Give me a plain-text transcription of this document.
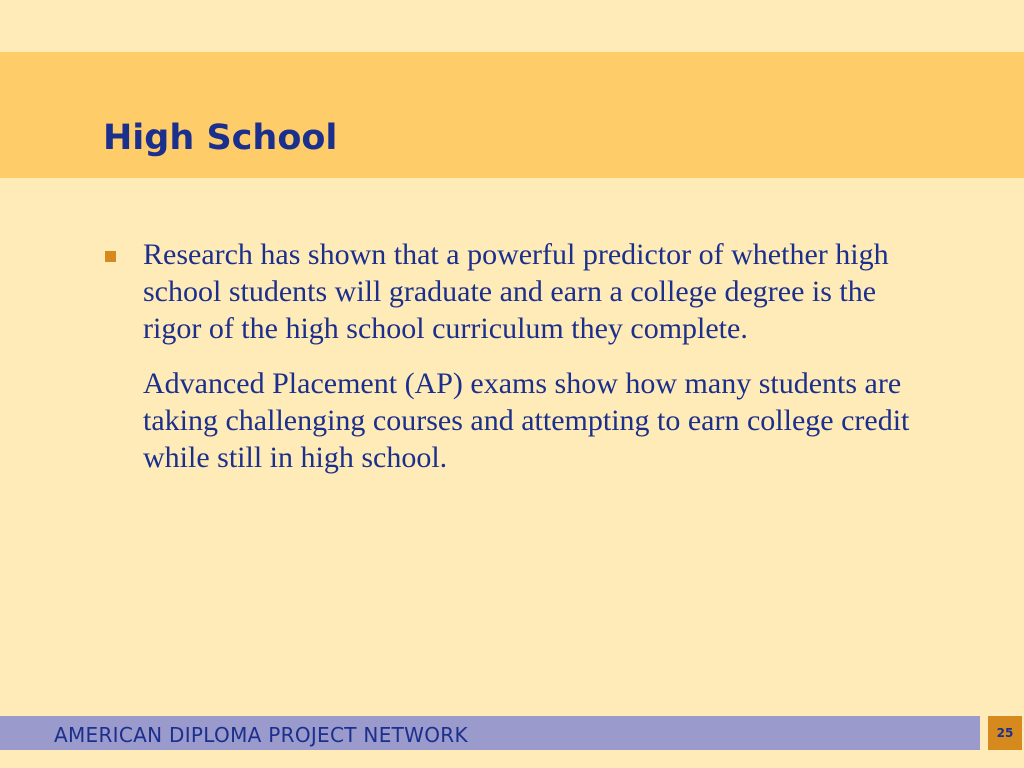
High School

Research has shown that a powerful predictor of whether high school students will graduate and earn a college degree is the rigor of the high school curriculum they complete.

Advanced Placement (AP) exams show how many students are taking challenging courses and attempting to earn college credit while still in high school.

AMERICAN DIPLOMA PROJECT NETWORK	25
